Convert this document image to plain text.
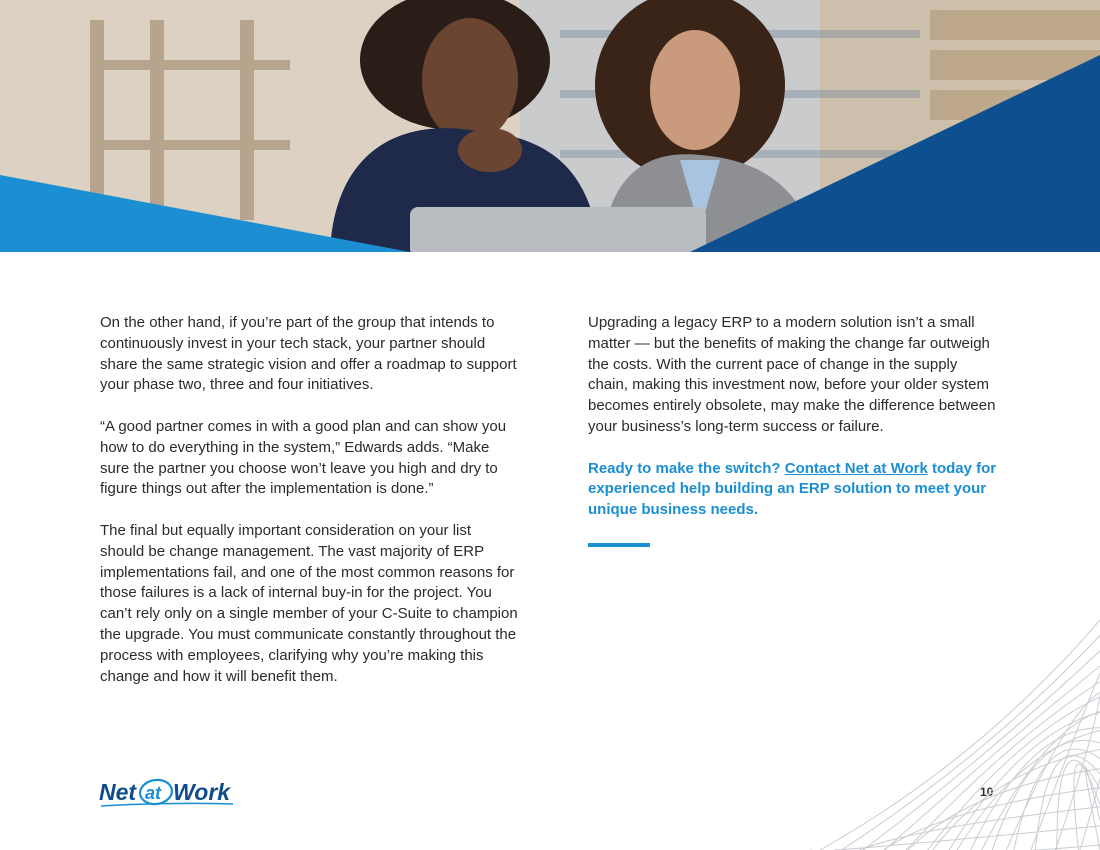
On the other hand, if you’re part of the group that intends to continuously invest in your tech stack, your partner should share the same strategic vision and offer a roadmap to support your phase two, three and four initiatives.

“A good partner comes in with a good plan and can show you how to do everything in the system,” Edwards adds. “Make sure the partner you choose won’t leave you high and dry to figure things out after the implementation is done.”

The final but equally important consideration on your list should be change management. The vast majority of ERP implementations fail, and one of the most common reasons for those failures is a lack of internal buy-in for the project. You can’t rely only on a single member of your C-Suite to champion the upgrade. You must communicate constantly throughout the process with employees, clarifying why you’re making this change and how it will benefit them.

Upgrading a legacy ERP to a modern solution isn’t a small matter — but the benefits of making the change far outweigh the costs. With the current pace of change in the supply chain, making this investment now, before your older system becomes entirely obsolete, may make the difference between your business’s long-term success or failure.

Ready to make the switch? Contact Net at Work today for experienced help building an ERP solution to meet your unique business needs.

Net at Work	10
